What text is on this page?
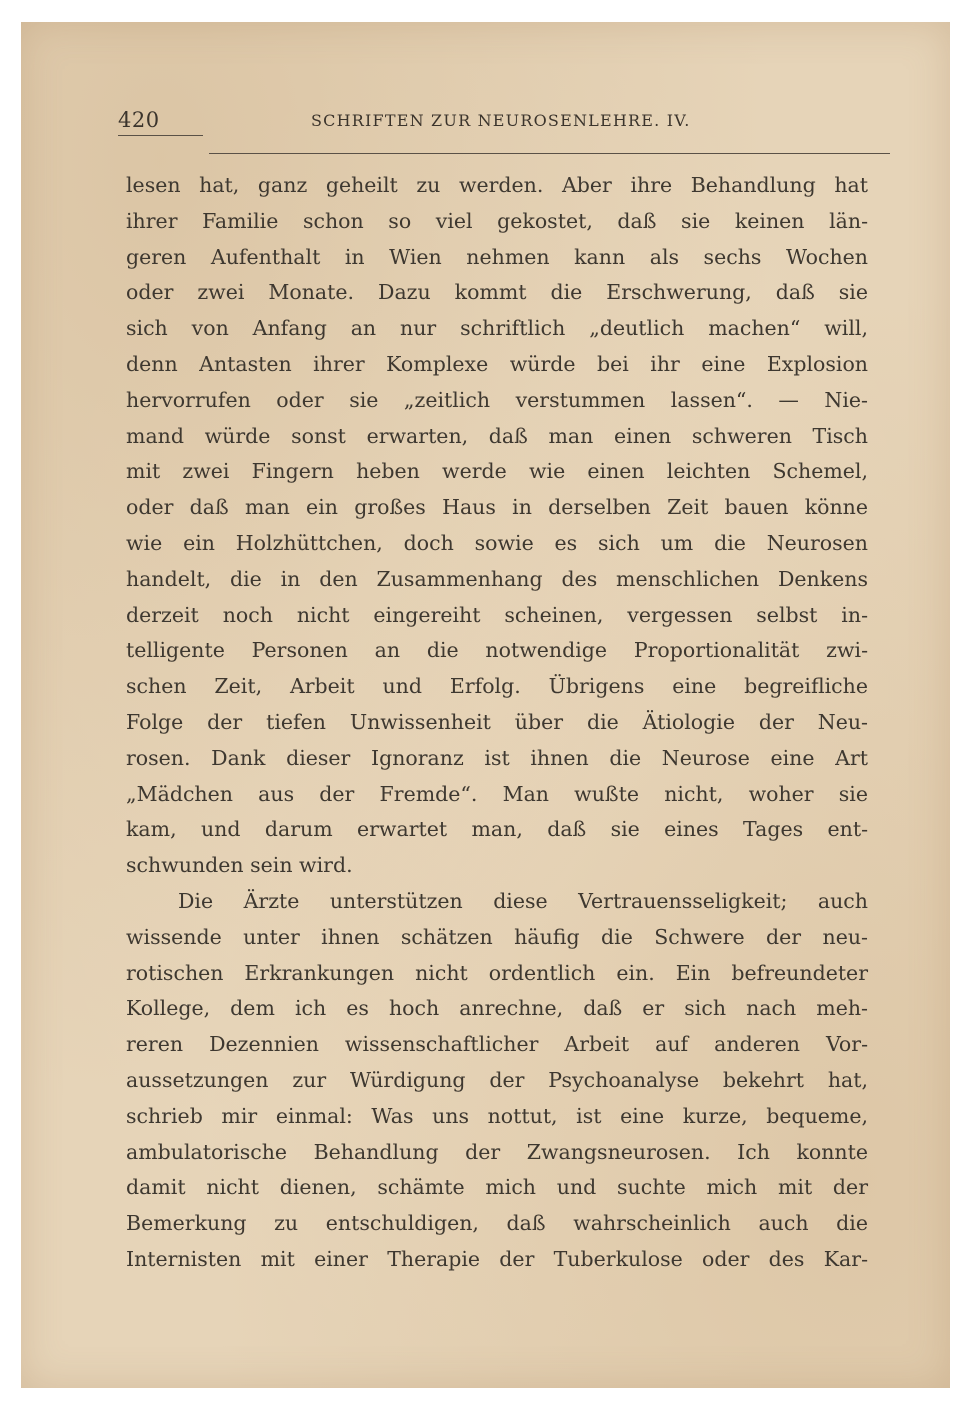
420	SCHRIFTEN ZUR NEUROSENLEHRE. IV.
lesen hat, ganz geheilt zu werden. Aber ihre Behandlung hat
ihrer Familie schon so viel gekostet, daß sie keinen län-
geren Aufenthalt in Wien nehmen kann als sechs Wochen
oder zwei Monate. Dazu kommt die Erschwerung, daß sie
sich von Anfang an nur schriftlich „deutlich machen“ will,
denn Antasten ihrer Komplexe würde bei ihr eine Explosion
hervorrufen oder sie „zeitlich verstummen lassen“. — Nie-
mand würde sonst erwarten, daß man einen schweren Tisch
mit zwei Fingern heben werde wie einen leichten Schemel,
oder daß man ein großes Haus in derselben Zeit bauen könne
wie ein Holzhüttchen, doch sowie es sich um die Neurosen
handelt, die in den Zusammenhang des menschlichen Denkens
derzeit noch nicht eingereiht scheinen, vergessen selbst in-
telligente Personen an die notwendige Proportionalität zwi-
schen Zeit, Arbeit und Erfolg. Übrigens eine begreifliche
Folge der tiefen Unwissenheit über die Ätiologie der Neu-
rosen. Dank dieser Ignoranz ist ihnen die Neurose eine Art
„Mädchen aus der Fremde“. Man wußte nicht, woher sie
kam, und darum erwartet man, daß sie eines Tages ent-
schwunden sein wird.
Die Ärzte unterstützen diese Vertrauensseligkeit; auch
wissende unter ihnen schätzen häufig die Schwere der neu-
rotischen Erkrankungen nicht ordentlich ein. Ein befreundeter
Kollege, dem ich es hoch anrechne, daß er sich nach meh-
reren Dezennien wissenschaftlicher Arbeit auf anderen Vor-
aussetzungen zur Würdigung der Psychoanalyse bekehrt hat,
schrieb mir einmal: Was uns nottut, ist eine kurze, bequeme,
ambulatorische Behandlung der Zwangsneurosen. Ich konnte
damit nicht dienen, schämte mich und suchte mich mit der
Bemerkung zu entschuldigen, daß wahrscheinlich auch die
Internisten mit einer Therapie der Tuberkulose oder des Kar-
